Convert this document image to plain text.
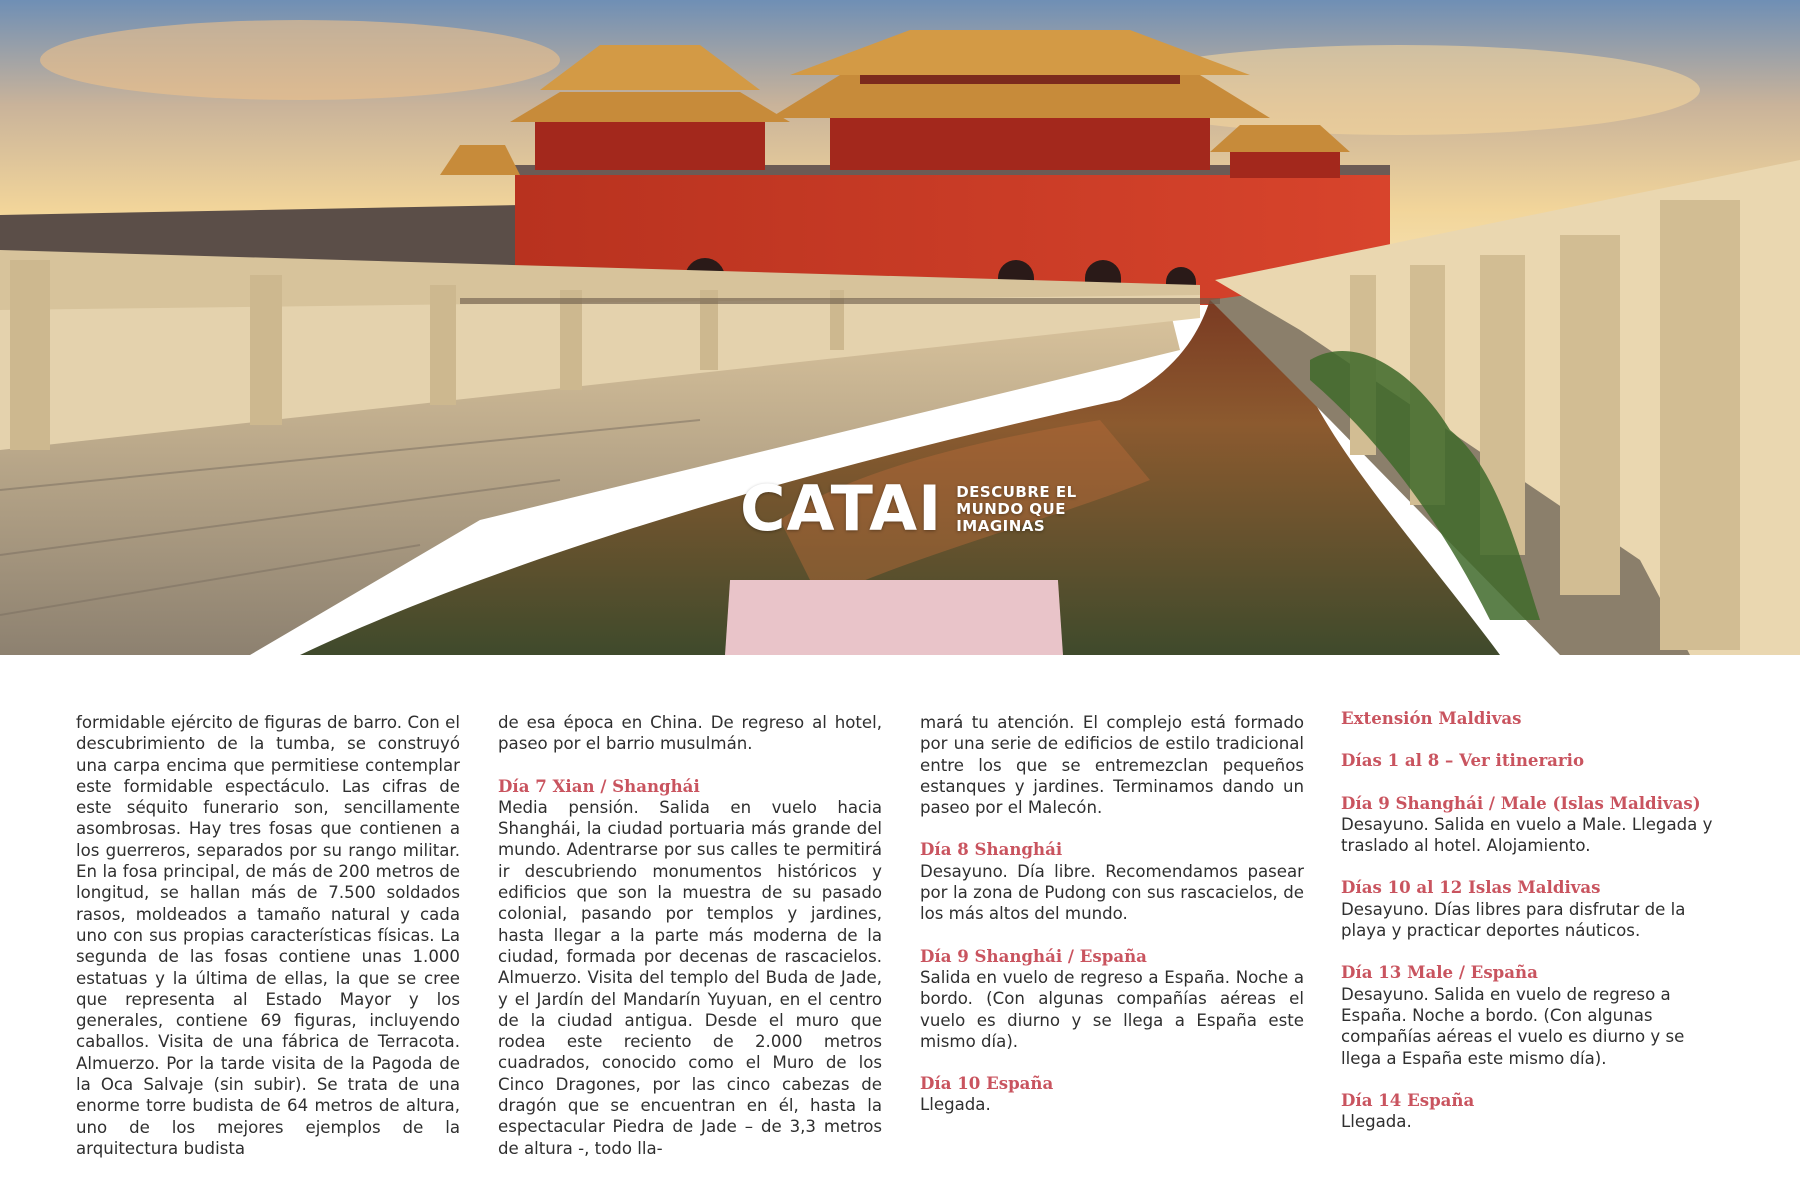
CATAI DESCUBRE EL
MUNDO QUE
IMAGINAS

formidable ejército de figuras de barro. Con el descubrimiento de la tumba, se construyó una carpa encima que permitiese contemplar este formidable espectáculo. Las cifras de este séquito funerario son, sencillamente asombrosas. Hay tres fosas que contienen a los guerreros, separados por su rango militar. En la fosa principal, de más de 200 metros de longitud, se hallan más de 7.500 soldados rasos, moldeados a tamaño natural y cada uno con sus propias características físicas. La segunda de las fosas contiene unas 1.000 estatuas y la última de ellas, la que se cree que representa al Estado Mayor y los generales, contiene 69 figuras, incluyendo caballos. Visita de una fábrica de Terracota. Almuerzo. Por la tarde visita de la Pagoda de la Oca Salvaje (sin subir). Se trata de una enorme torre budista de 64 metros de altura, uno de los mejores ejemplos de la arquitectura budista

de esa época en China. De regreso al hotel, paseo por el barrio musulmán.

Día 7 Xian / Shanghái

Media pensión. Salida en vuelo hacia Shanghái, la ciudad portuaria más grande del mundo. Adentrarse por sus calles te permitirá ir descubriendo monumentos históricos y edificios que son la muestra de su pasado colonial, pasando por templos y jardines, hasta llegar a la parte más moderna de la ciudad, formada por decenas de rascacielos. Almuerzo. Visita del templo del Buda de Jade, y el Jardín del Mandarín Yuyuan, en el centro de la ciudad antigua. Desde el muro que rodea este reciento de 2.000 metros cuadrados, conocido como el Muro de los Cinco Dragones, por las cinco cabezas de dragón que se encuentran en él, hasta la espectacular Piedra de Jade – de 3,3 metros de altura -, todo lla-

mará tu atención. El complejo está formado por una serie de edificios de estilo tradicional entre los que se entremezclan pequeños estanques y jardines. Terminamos dando un paseo por el Malecón.

Día 8 Shanghái

Desayuno. Día libre. Recomendamos pasear por la zona de Pudong con sus rascacielos, de los más altos del mundo.

Día 9 Shanghái / España

Salida en vuelo de regreso a España. Noche a bordo. (Con algunas compañías aéreas el vuelo es diurno y se llega a España este mismo día).

Día 10 España

Llegada.

Extensión Maldivas
Días 1 al 8 – Ver itinerario
Día 9 Shanghái / Male (Islas Maldivas)

Desayuno. Salida en vuelo a Male. Llegada y traslado al hotel. Alojamiento.

Días 10 al 12 Islas Maldivas

Desayuno. Días libres para disfrutar de la playa y practicar deportes náuticos.

Día 13 Male / España

Desayuno. Salida en vuelo de regreso a España. Noche a bordo. (Con algunas compañías aéreas el vuelo es diurno y se llega a España este mismo día).

Día 14 España

Llegada.
